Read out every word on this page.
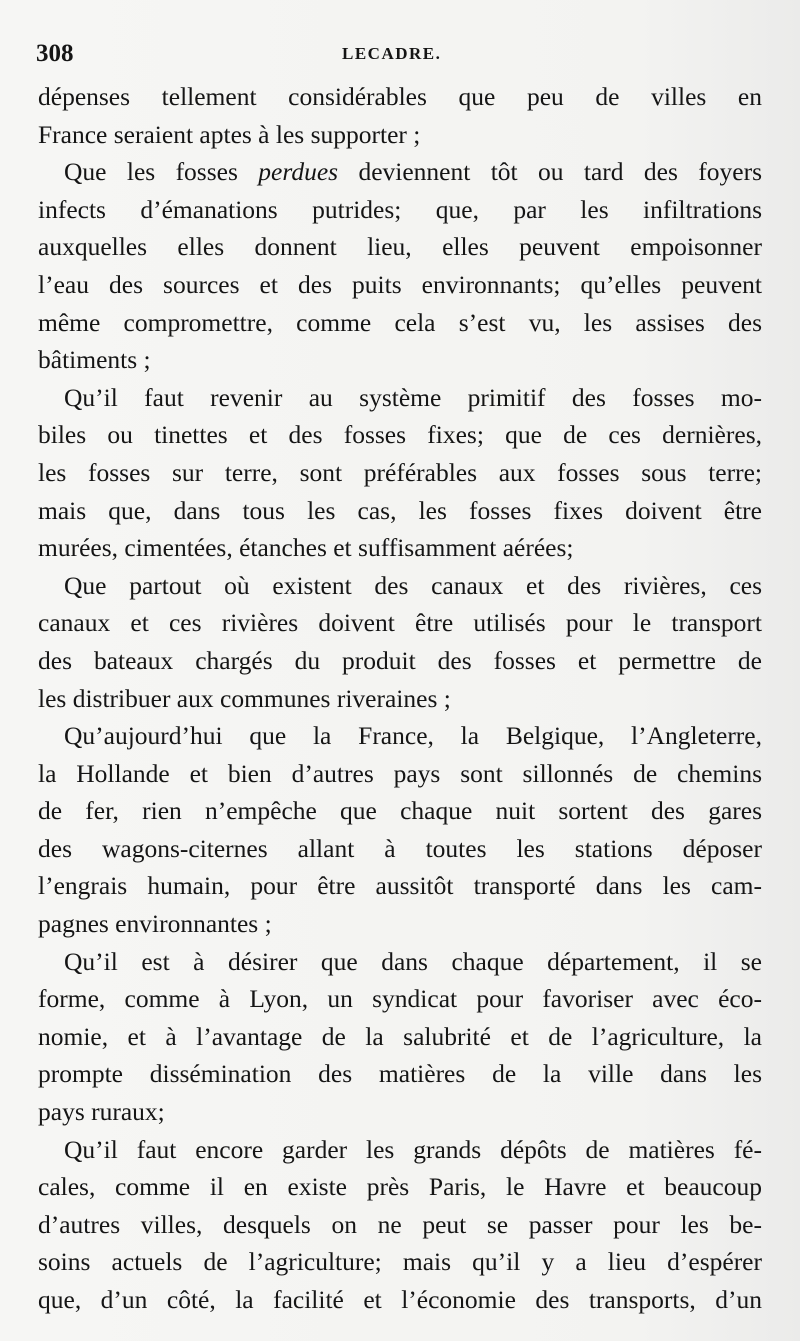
308	LECADRE.
dépenses tellement considérables que peu de villes en
France seraient aptes à les supporter ;
Que les fosses perdues deviennent tôt ou tard des foyers
infects d’émanations putrides; que, par les infiltrations
auxquelles elles donnent lieu, elles peuvent empoisonner
l’eau des sources et des puits environnants; qu’elles peuvent
même compromettre, comme cela s’est vu, les assises des
bâtiments ;
Qu’il faut revenir au système primitif des fosses mo-
biles ou tinettes et des fosses fixes; que de ces dernières,
les fosses sur terre, sont préférables aux fosses sous terre;
mais que, dans tous les cas, les fosses fixes doivent être
murées, cimentées, étanches et suffisamment aérées;
Que partout où existent des canaux et des rivières, ces
canaux et ces rivières doivent être utilisés pour le transport
des bateaux chargés du produit des fosses et permettre de
les distribuer aux communes riveraines ;
Qu’aujourd’hui que la France, la Belgique, l’Angleterre,
la Hollande et bien d’autres pays sont sillonnés de chemins
de fer, rien n’empêche que chaque nuit sortent des gares
des wagons-citernes allant à toutes les stations déposer
l’engrais humain, pour être aussitôt transporté dans les cam-
pagnes environnantes ;
Qu’il est à désirer que dans chaque département, il se
forme, comme à Lyon, un syndicat pour favoriser avec éco-
nomie, et à l’avantage de la salubrité et de l’agriculture, la
prompte dissémination des matières de la ville dans les
pays ruraux;
Qu’il faut encore garder les grands dépôts de matières fé-
cales, comme il en existe près Paris, le Havre et beaucoup
d’autres villes, desquels on ne peut se passer pour les be-
soins actuels de l’agriculture; mais qu’il y a lieu d’espérer
que, d’un côté, la facilité et l’économie des transports, d’un
